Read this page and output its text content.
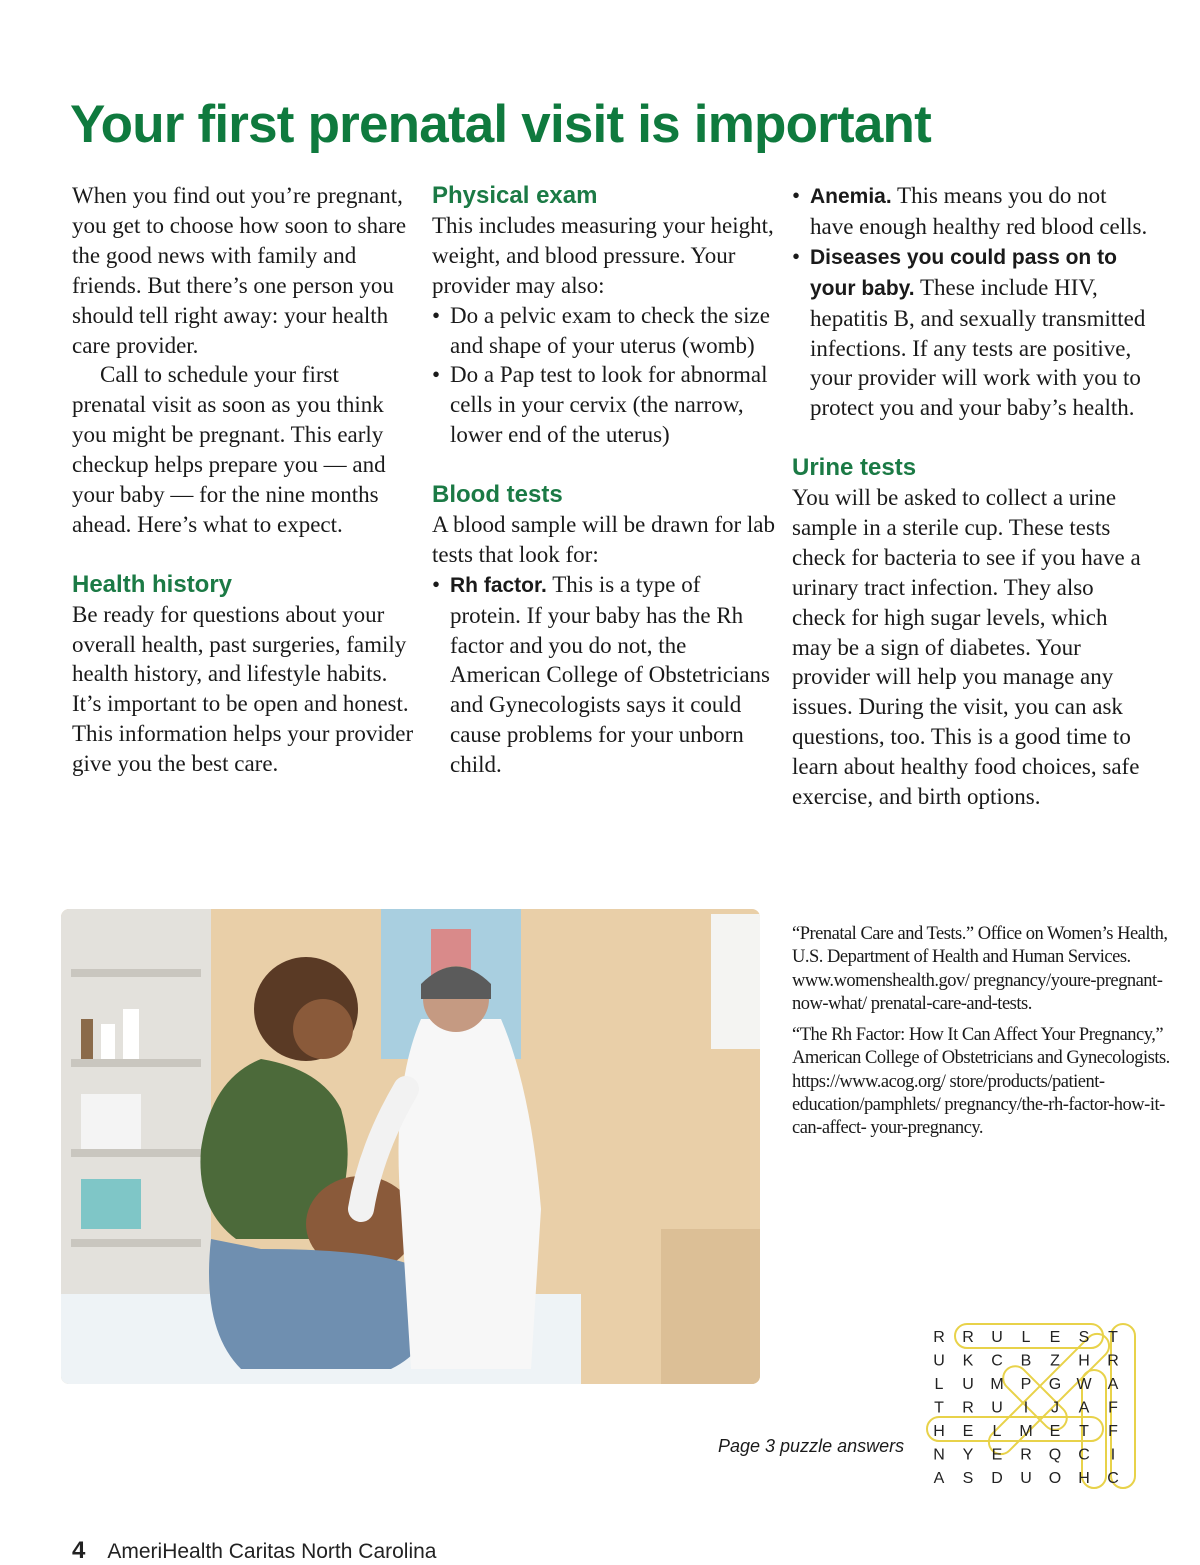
Your first prenatal visit is important

When you find out you’re pregnant, you get to choose how soon to share the good news with family and friends. But there’s one person you should tell right away: your health care provider.

Call to schedule your first prenatal visit as soon as you think you might be pregnant. This early checkup helps prepare you — and your baby — for the nine months ahead. Here’s what to expect.

Health history

Be ready for questions about your overall health, past surgeries, family health history, and lifestyle habits. It’s important to be open and honest. This information helps your provider give you the best care.

Physical exam

This includes measuring your height, weight, and blood pressure. Your provider may also:

• Do a pelvic exam to check the size and shape of your uterus (womb)
• Do a Pap test to look for abnormal cells in your cervix (the narrow, lower end of the uterus)
Blood tests

A blood sample will be drawn for lab tests that look for:

• Rh factor. This is a type of protein. If your baby has the Rh factor and you do not, the American College of Obstetricians and Gynecologists says it could cause problems for your unborn child.
• Anemia. This means you do not have enough healthy red blood cells.
• Diseases you could pass on to your baby. These include HIV, hepatitis B, and sexually transmitted infections. If any tests are positive, your provider will work with you to protect you and your baby’s health.
Urine tests

You will be asked to collect a urine sample in a sterile cup. These tests check for bacteria to see if you have a urinary tract infection. They also check for high sugar levels, which may be a sign of diabetes. Your provider will help you manage any issues. During the visit, you can ask questions, too. This is a good time to learn about healthy food choices, safe exercise, and birth options.

“Prenatal Care and Tests.” Office on Women’s Health, U.S. Department of Health and Human Services. www.womenshealth.gov/ pregnancy/youre-pregnant-now-what/ prenatal-care-and-tests.

“The Rh Factor: How It Can Affect Your Pregnancy,” American College of Obstetricians and Gynecologists. https://www.acog.org/ store/products/patient-education/pamphlets/ pregnancy/the-rh-factor-how-it-can-affect- your-pregnancy.

Page 3 puzzle answers
R R U L E S T
U K C B Z H R
L U M P G W A
T R U I J A F
H E L M E T F
N Y E R Q C I
A S D U O H C
4 AmeriHealth Caritas North Carolina
